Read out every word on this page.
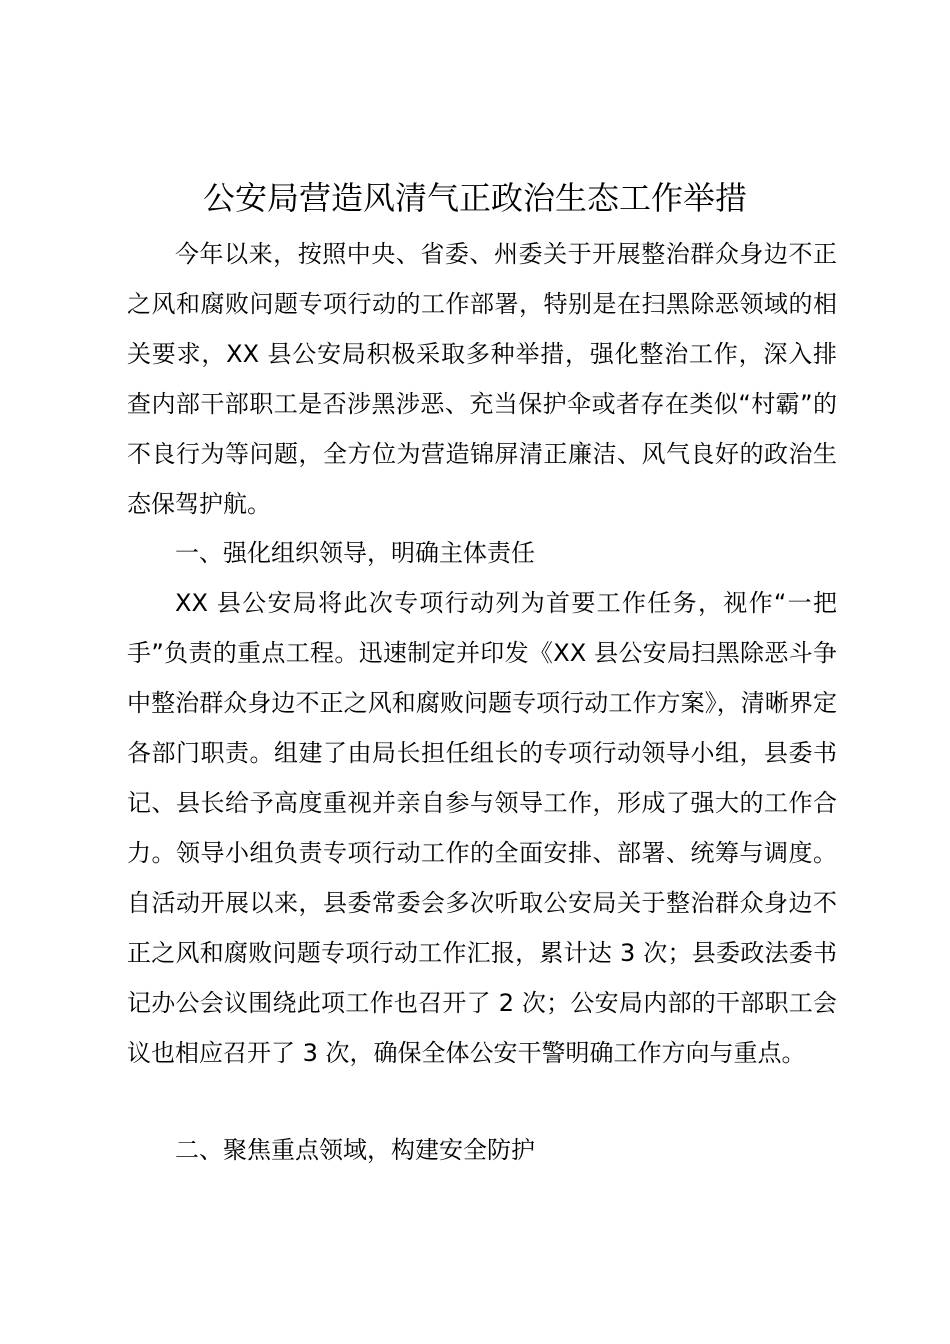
公安局营造风清气正政治生态工作举措

今年以来，按照中央、省委、州委关于开展整治群众身边不正之风和腐败问题专项行动的工作部署，特别是在扫黑除恶领域的相关要求，XX 县公安局积极采取多种举措，强化整治工作，深入排查内部干部职工是否涉黑涉恶、充当保护伞或者存在类似“村霸”的不良行为等问题，全方位为营造锦屏清正廉洁、风气良好的政治生态保驾护航。

一、强化组织领导，明确主体责任

XX 县公安局将此次专项行动列为首要工作任务，视作“一把手”负责的重点工程。迅速制定并印发《XX 县公安局扫黑除恶斗争中整治群众身边不正之风和腐败问题专项行动工作方案》，清晰界定各部门职责。组建了由局长担任组长的专项行动领导小组，县委书记、县长给予高度重视并亲自参与领导工作，形成了强大的工作合力。领导小组负责专项行动工作的全面安排、部署、统筹与调度。自活动开展以来，县委常委会多次听取公安局关于整治群众身边不正之风和腐败问题专项行动工作汇报，累计达 3 次；县委政法委书记办公会议围绕此项工作也召开了 2 次；公安局内部的干部职工会议也相应召开了 3 次，确保全体公安干警明确工作方向与重点。

二、聚焦重点领域，构建安全防护
